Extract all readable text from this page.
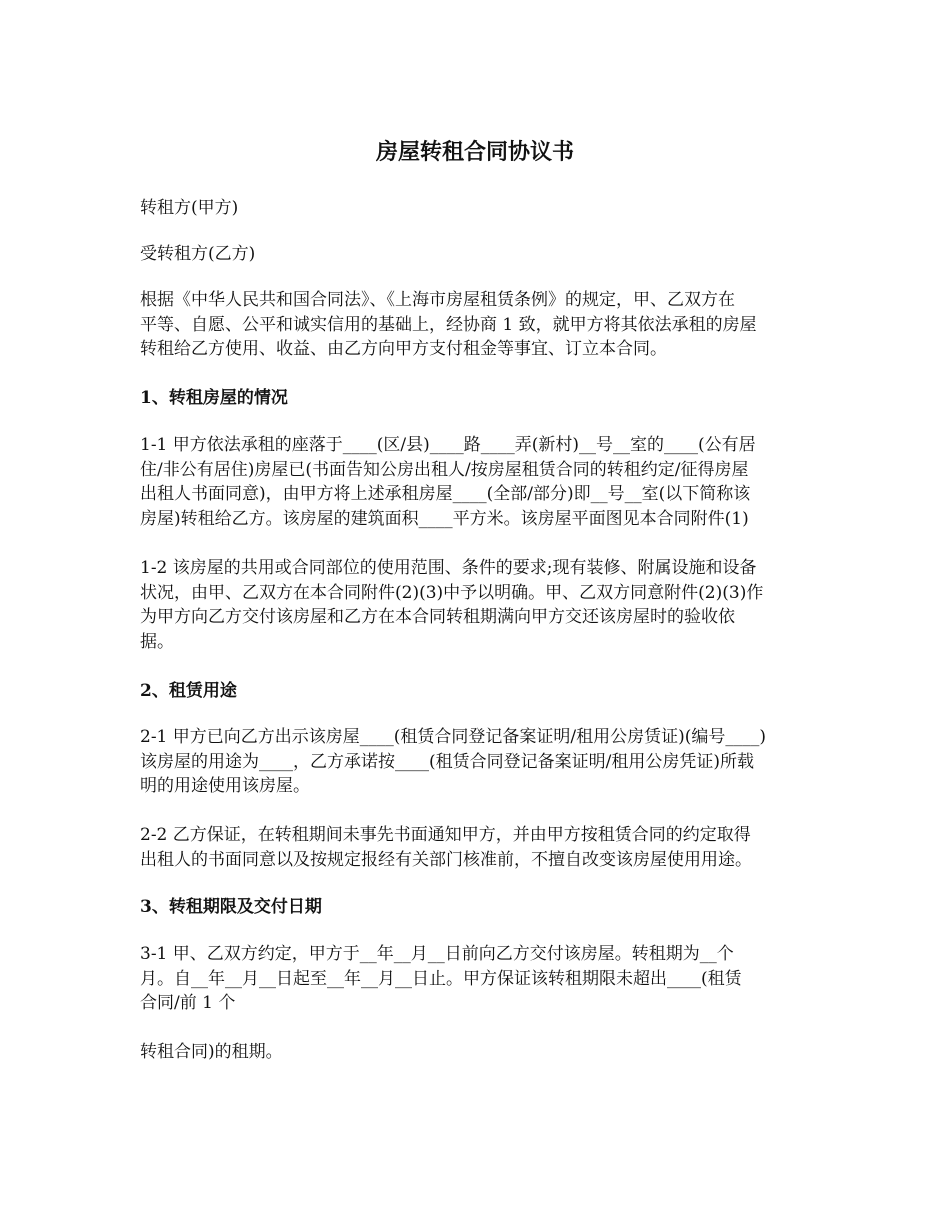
房屋转租合同协议书

转租方(甲方)

受转租方(乙方)

根据《中华人民共和国合同法》、《上海市房屋租赁条例》的规定，甲、乙双方在
平等、自愿、公平和诚实信用的基础上，经协商 1 致，就甲方将其依法承租的房屋
转租给乙方使用、收益、由乙方向甲方支付租金等事宜、订立本合同。

1、转租房屋的情况

1-1 甲方依法承租的座落于____(区/县)____路____弄(新村)__号__室的____(公有居
住/非公有居住)房屋已(书面告知公房出租人/按房屋租赁合同的转租约定/征得房屋
出租人书面同意)，由甲方将上述承租房屋____(全部/部分)即__号__室(以下简称该
房屋)转租给乙方。该房屋的建筑面积____平方米。该房屋平面图见本合同附件(1)

1-2 该房屋的共用或合同部位的使用范围、条件的要求;现有装修、附属设施和设备
状况，由甲、乙双方在本合同附件(2)(3)中予以明确。甲、乙双方同意附件(2)(3)作
为甲方向乙方交付该房屋和乙方在本合同转租期满向甲方交还该房屋时的验收依
据。

2、租赁用途

2-1 甲方已向乙方出示该房屋____(租赁合同登记备案证明/租用公房赁证)(编号____)
该房屋的用途为____，乙方承诺按____(租赁合同登记备案证明/租用公房凭证)所载
明的用途使用该房屋。

2-2 乙方保证，在转租期间未事先书面通知甲方，并由甲方按租赁合同的约定取得
出租人的书面同意以及按规定报经有关部门核准前，不擅自改变该房屋使用用途。

3、转租期限及交付日期

3-1 甲、乙双方约定，甲方于__年__月__日前向乙方交付该房屋。转租期为__个
月。自__年__月__日起至__年__月__日止。甲方保证该转租期限未超出____(租赁
合同/前 1 个

转租合同)的租期。
